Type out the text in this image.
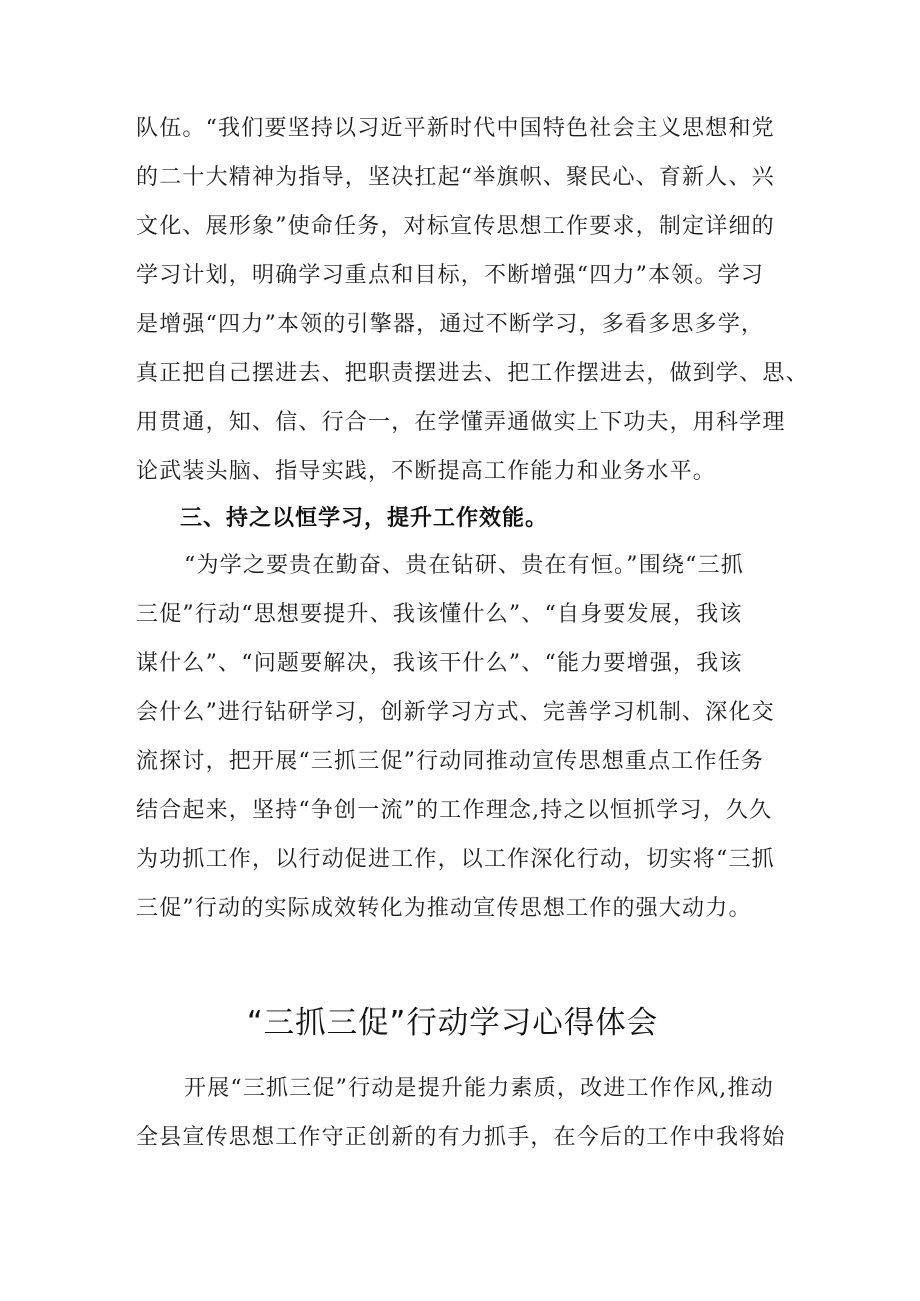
队伍。“我们要坚持以习近平新时代中国特色社会主义思想和党
的二十大精神为指导，坚决扛起“举旗帜、聚民心、育新人、兴
文化、展形象”使命任务，对标宣传思想工作要求，制定详细的
学习计划，明确学习重点和目标，不断增强“四力”本领。学习
是增强“四力”本领的引擎器，通过不断学习，多看多思多学，
真正把自己摆进去、把职责摆进去、把工作摆进去，做到学、思、
用贯通，知、信、行合一，在学懂弄通做实上下功夫，用科学理
论武装头脑、指导实践，不断提高工作能力和业务水平。
三、持之以恒学习，提升工作效能。
“为学之要贵在勤奋、贵在钻研、贵在有恒。”围绕“三抓
三促”行动“思想要提升、我该懂什么”、“自身要发展，我该
谋什么”、“问题要解决，我该干什么”、“能力要增强，我该
会什么”进行钻研学习，创新学习方式、完善学习机制、深化交
流探讨，把开展“三抓三促”行动同推动宣传思想重点工作任务
结合起来，坚持“争创一流”的工作理念,持之以恒抓学习，久久
为功抓工作，以行动促进工作，以工作深化行动，切实将“三抓
三促”行动的实际成效转化为推动宣传思想工作的强大动力。
“三抓三促”行动学习心得体会
开展“三抓三促”行动是提升能力素质，改进工作作风,推动
全县宣传思想工作守正创新的有力抓手，在今后的工作中我将始
